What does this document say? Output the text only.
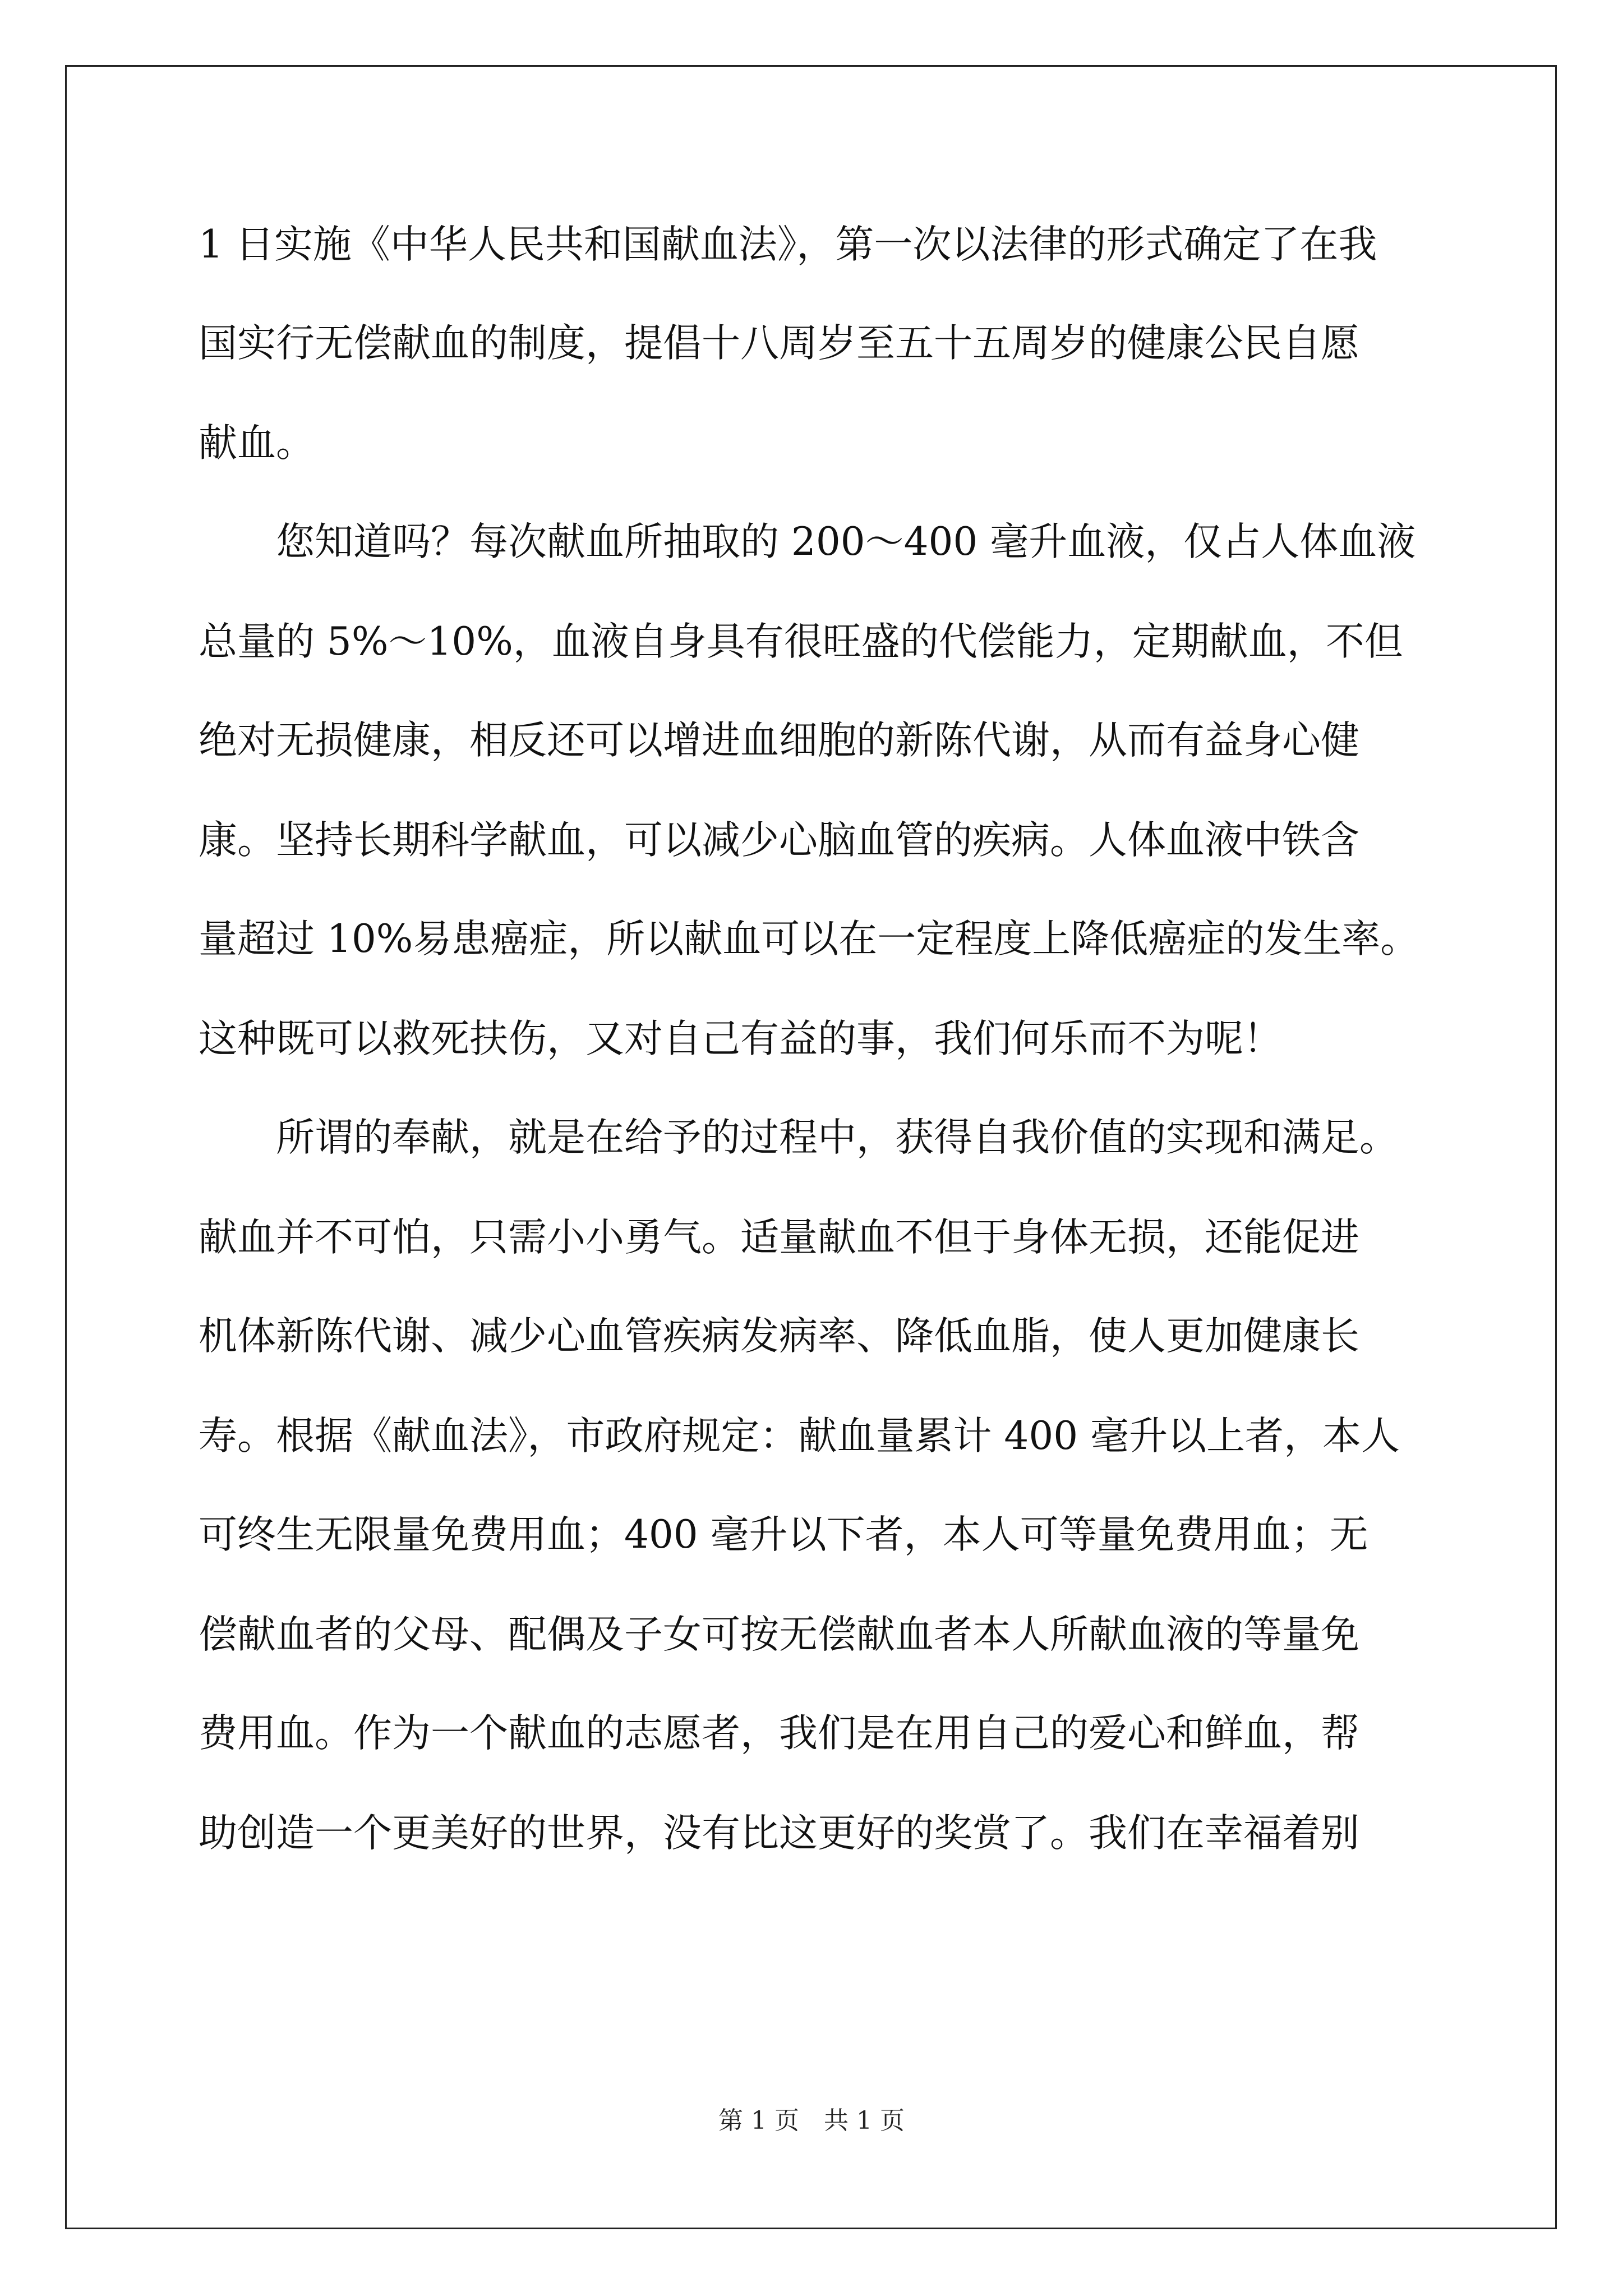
1 日实施《中华人民共和国献血法》，第一次以法律的形式确定了在我
国实行无偿献血的制度，提倡十八周岁至五十五周岁的健康公民自愿
献血。
您知道吗？每次献血所抽取的 200～400 毫升血液，仅占人体血液
总量的 5%～10%，血液自身具有很旺盛的代偿能力，定期献血，不但
绝对无损健康，相反还可以增进血细胞的新陈代谢，从而有益身心健
康。坚持长期科学献血，可以减少心脑血管的疾病。人体血液中铁含
量超过 10%易患癌症，所以献血可以在一定程度上降低癌症的发生率。
这种既可以救死扶伤，又对自己有益的事，我们何乐而不为呢！
所谓的奉献，就是在给予的过程中，获得自我价值的实现和满足。
献血并不可怕，只需小小勇气。适量献血不但于身体无损，还能促进
机体新陈代谢、减少心血管疾病发病率、降低血脂，使人更加健康长
寿。根据《献血法》，市政府规定：献血量累计 400 毫升以上者，本人
可终生无限量免费用血；400 毫升以下者，本人可等量免费用血；无
偿献血者的父母、配偶及子女可按无偿献血者本人所献血液的等量免
费用血。作为一个献血的志愿者，我们是在用自己的爱心和鲜血，帮
助创造一个更美好的世界，没有比这更好的奖赏了。我们在幸福着别
第 1 页　共 1 页
